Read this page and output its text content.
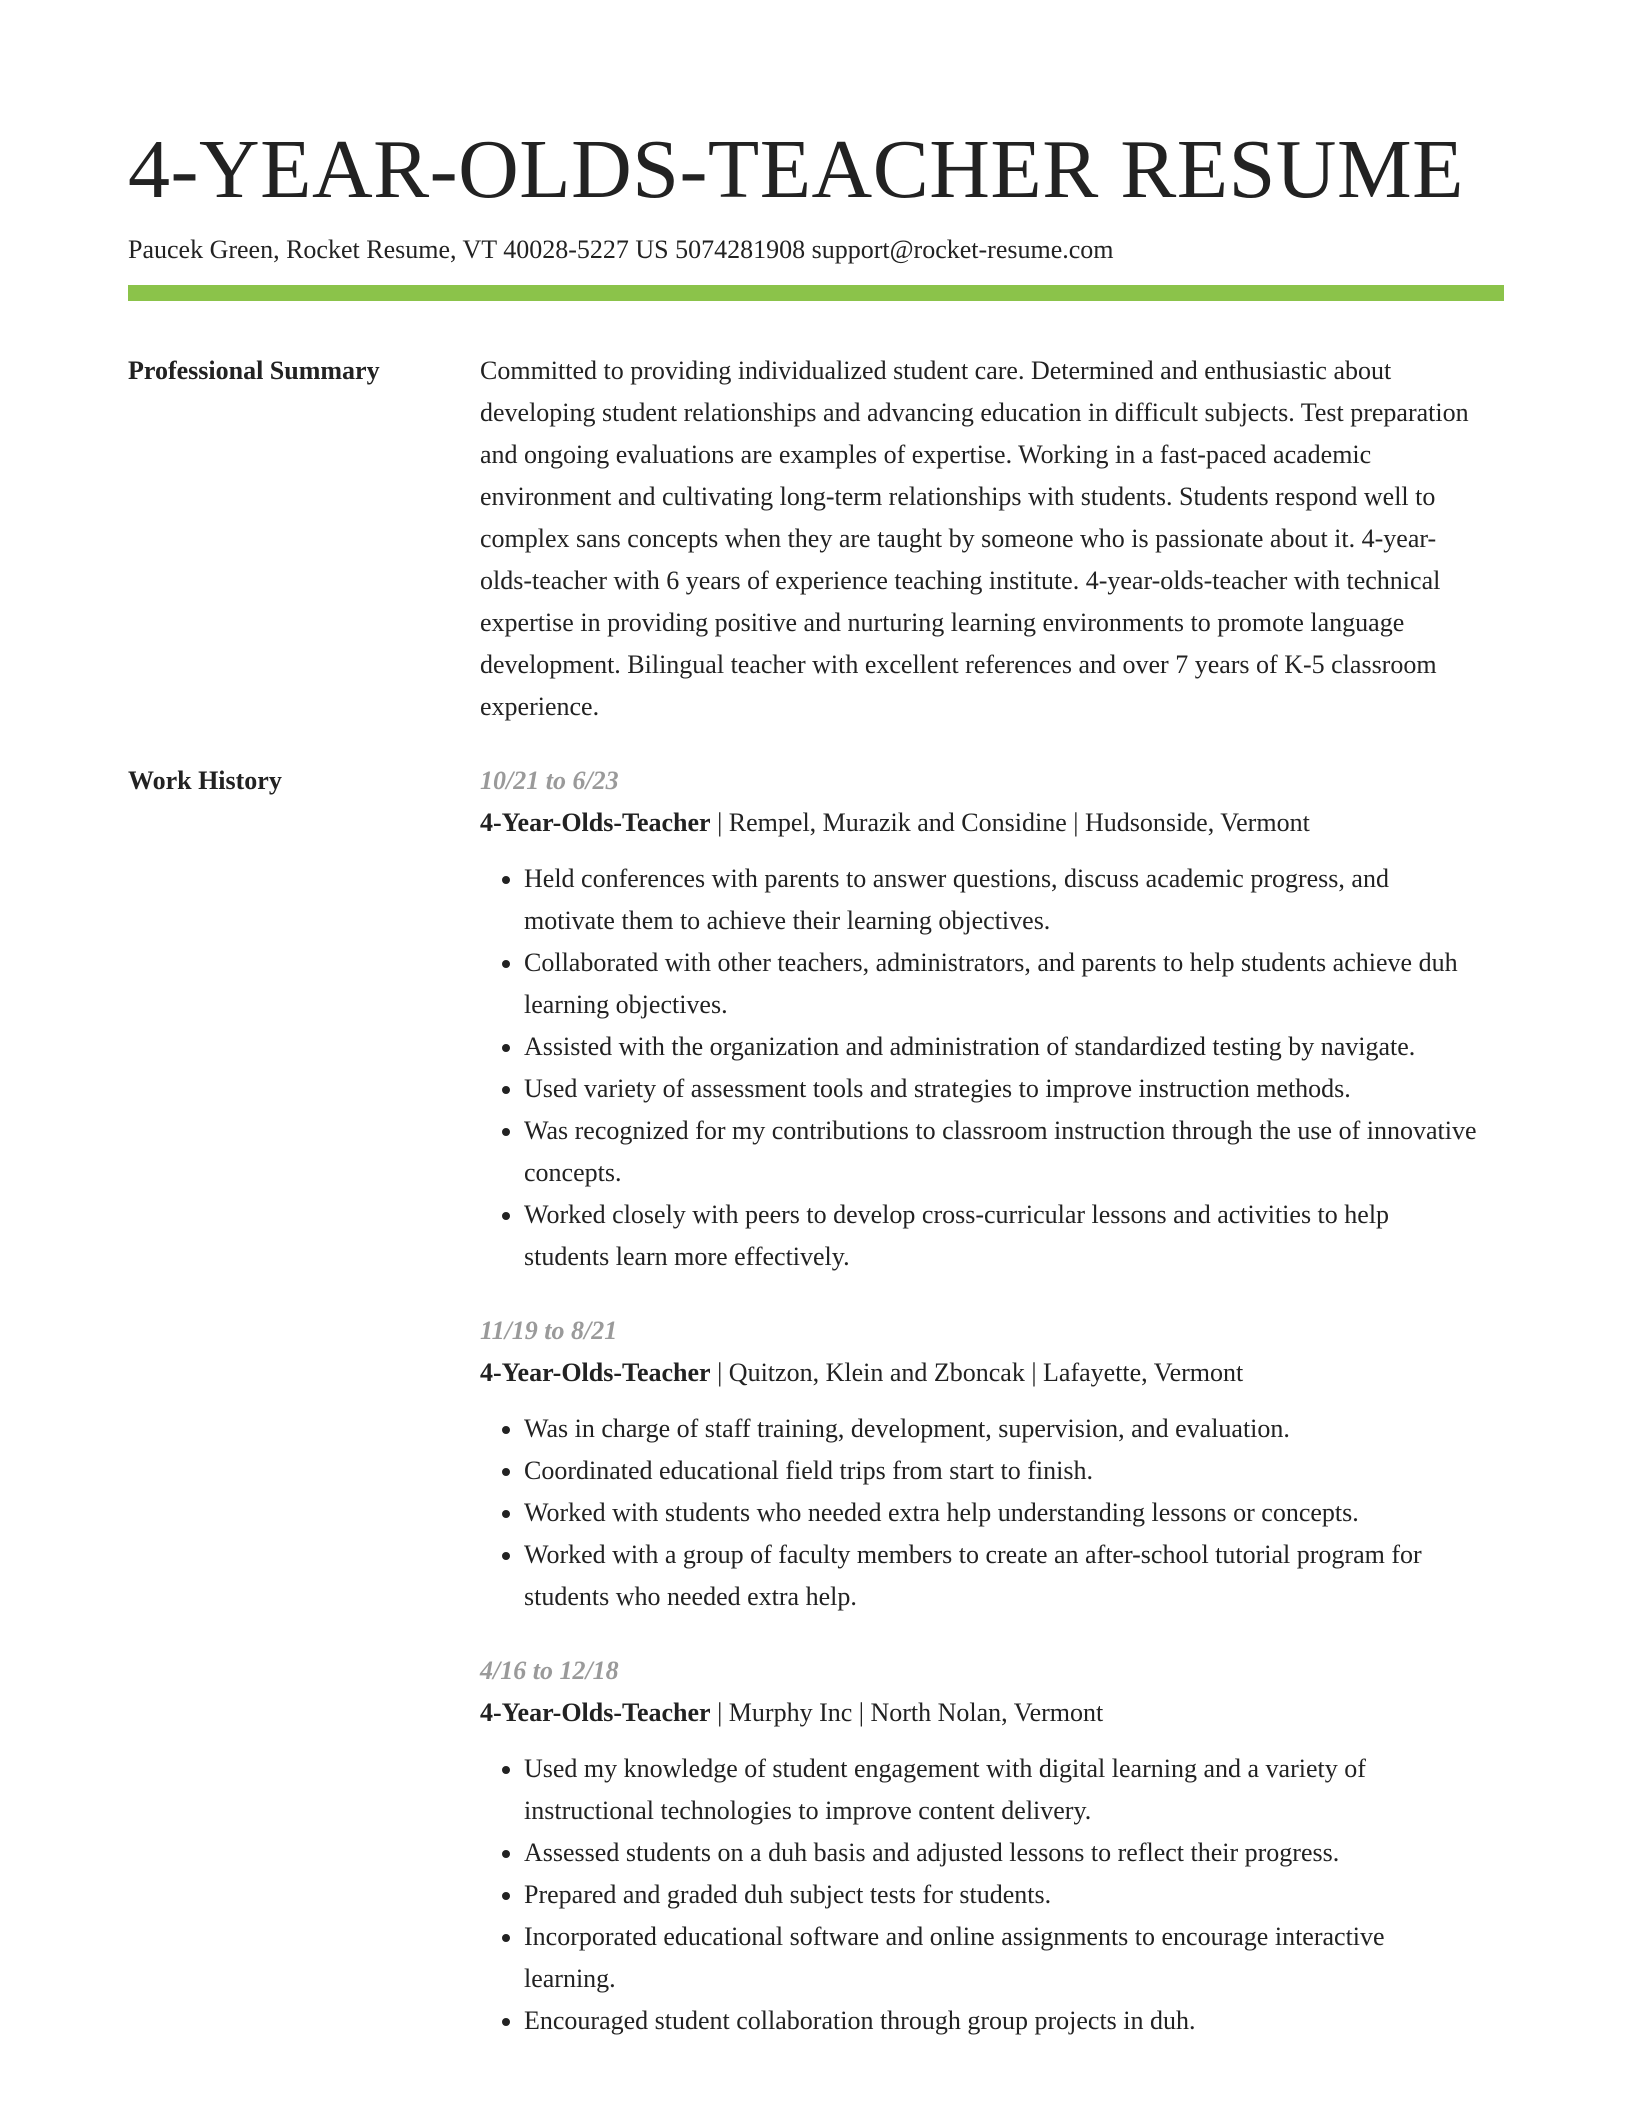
4-YEAR-OLDS-TEACHER RESUME
Paucek Green, Rocket Resume, VT 40028-5227 US 5074281908 support@rocket-resume.com
Professional Summary	Committed to providing individualized student care. Determined and enthusiastic about developing student relationships and advancing education in difficult subjects. Test preparation and ongoing evaluations are examples of expertise. Working in a fast-paced academic environment and cultivating long-term relationships with students. Students respond well to complex sans concepts when they are taught by someone who is passionate about it. 4-year-olds-teacher with 6 years of experience teaching institute. 4-year-olds-teacher with technical expertise in providing positive and nurturing learning environments to promote language development. Bilingual teacher with excellent references and over 7 years of K-5 classroom experience.

Work History	10/21 to 6/23
4-Year-Olds-Teacher | Rempel, Murazik and Considine | Hudsonside, Vermont
• Held conferences with parents to answer questions, discuss academic progress, and motivate them to achieve their learning objectives.
• Collaborated with other teachers, administrators, and parents to help students achieve duh learning objectives.
• Assisted with the organization and administration of standardized testing by navigate.
• Used variety of assessment tools and strategies to improve instruction methods.
• Was recognized for my contributions to classroom instruction through the use of innovative concepts.
• Worked closely with peers to develop cross-curricular lessons and activities to help students learn more effectively.
11/19 to 8/21
4-Year-Olds-Teacher | Quitzon, Klein and Zboncak | Lafayette, Vermont
• Was in charge of staff training, development, supervision, and evaluation.
• Coordinated educational field trips from start to finish.
• Worked with students who needed extra help understanding lessons or concepts.
• Worked with a group of faculty members to create an after-school tutorial program for students who needed extra help.
4/16 to 12/18
4-Year-Olds-Teacher | Murphy Inc | North Nolan, Vermont
• Used my knowledge of student engagement with digital learning and a variety of instructional technologies to improve content delivery.
• Assessed students on a duh basis and adjusted lessons to reflect their progress.
• Prepared and graded duh subject tests for students.
• Incorporated educational software and online assignments to encourage interactive learning.
• Encouraged student collaboration through group projects in duh.
